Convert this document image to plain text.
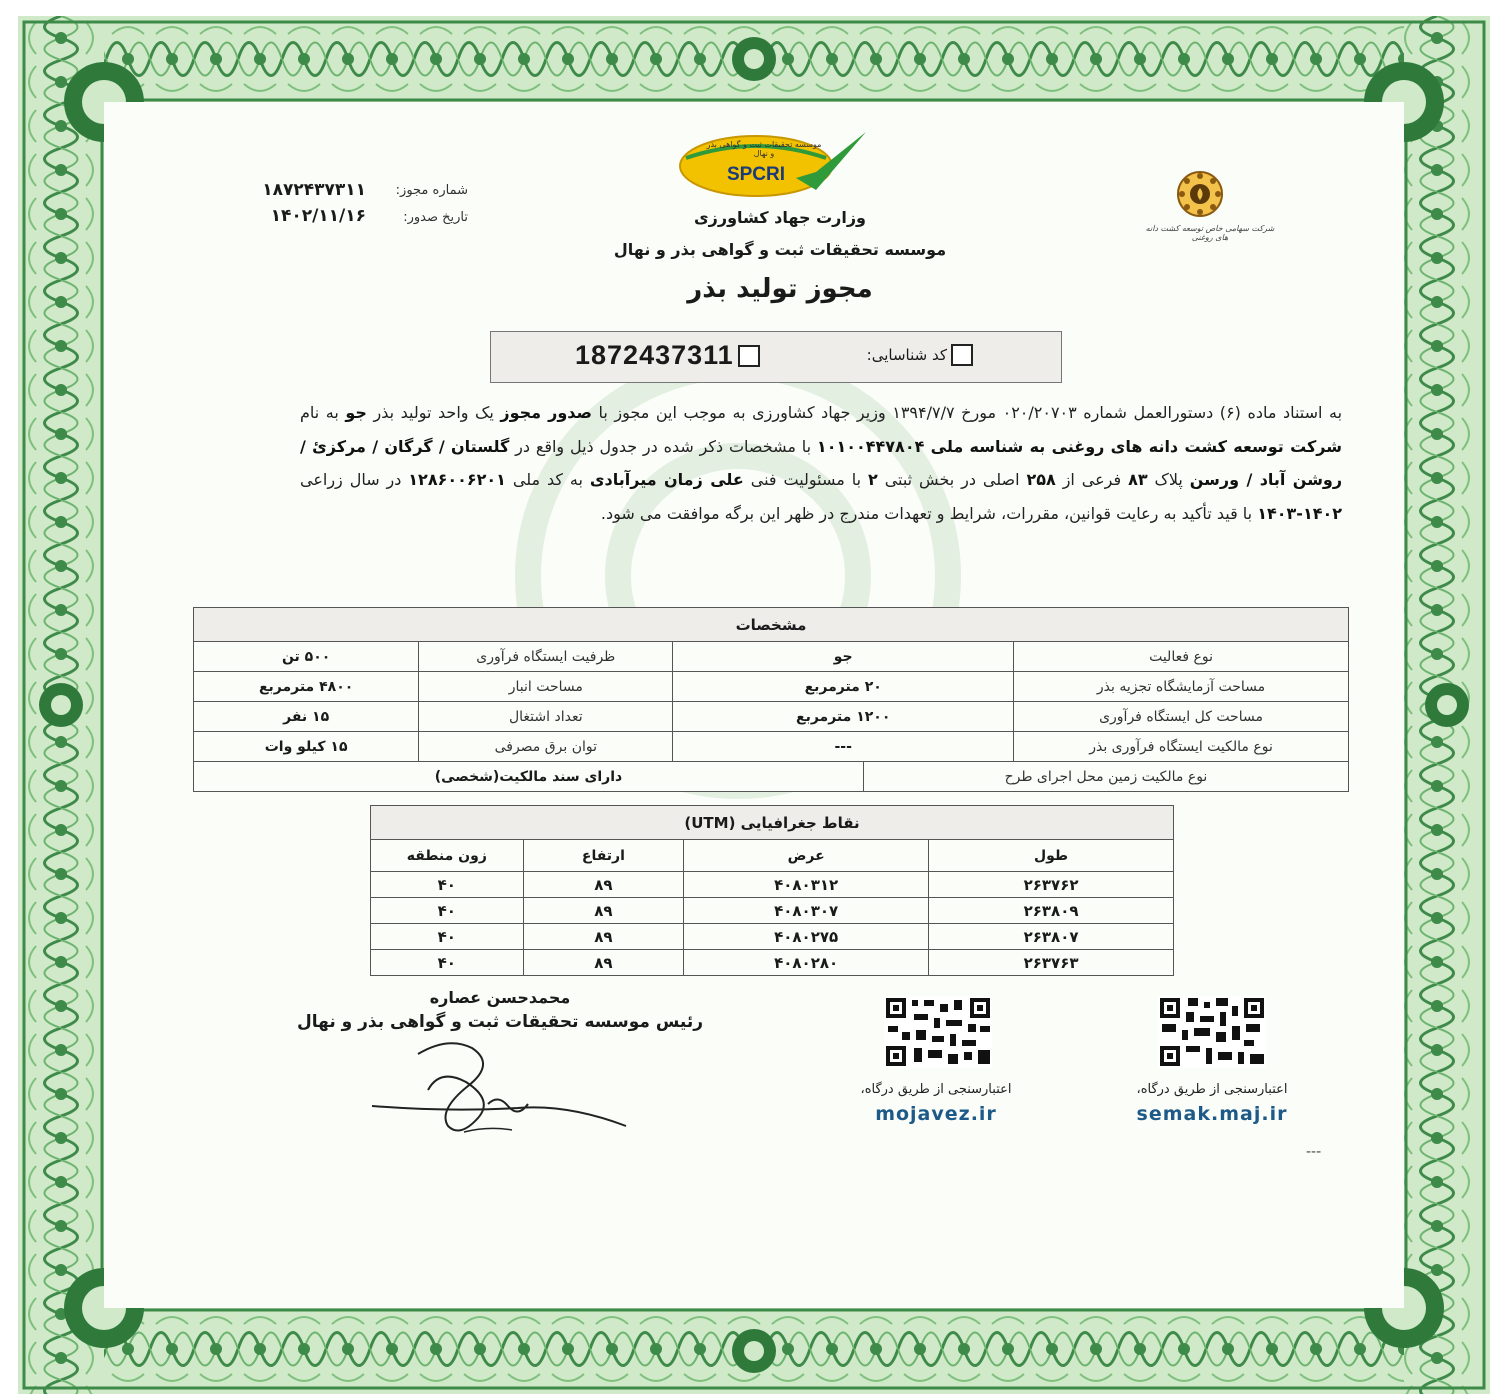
شماره مجوز:
۱۸۷۲۴۳۷۳۱۱
تاریخ صدور:
۱۴۰۲/۱۱/۱۶
موسسه تحقیقات ثبت و گواهی بذر و نهال
SPCRI
شرکت سهامی خاص توسعه کشت دانه های روغنی
وزارت جهاد کشاورزی
موسسه تحقیقات ثبت و گواهی بذر و نهال
مجوز تولید بذر
کد شناسایی:
1872437311
به استناد ماده (۶) دستورالعمل شماره ۰۲۰/۲۰۷۰۳ مورخ ۱۳۹۴/۷/۷ وزیر جهاد کشاورزی به موجب این مجوز با صدور مجوز یک واحد تولید بذر جو به نام شرکت توسعه کشت دانه های روغنی به شناسه ملی ۱۰۱۰۰۴۴۷۸۰۴ با مشخصات ذکر شده در جدول ذیل واقع در گلستان / گرگان / مرکزئ / روشن آباد / ورسن پلاک ۸۳ فرعی از ۲۵۸ اصلی در بخش ثبتی ۲ با مسئولیت فنی علی زمان میرآبادی به کد ملی ۱۲۸۶۰۰۶۲۰۱ در سال زراعی ۱۴۰۲-۱۴۰۳ با قید تأکید به رعایت قوانین، مقررات، شرایط و تعهدات مندرج در ظهر این برگه موافقت می شود.
مشخصات			
نوع فعالیت	جو	ظرفیت ایستگاه فرآوری	۵۰۰ تن
مساحت آزمایشگاه تجزیه بذر	۲۰ مترمربع	مساحت انبار	۴۸۰۰ مترمربع
مساحت کل ایستگاه فرآوری	۱۲۰۰ مترمربع	تعداد اشتغال	۱۵ نفر
نوع مالکیت ایستگاه فرآوری بذر	---	توان برق مصرفی	۱۵ کیلو وات
نوع مالکیت زمین محل اجرای طرح	دارای سند مالکیت(شخصی)
نقاط جغرافیایی (UTM)			
طول	عرض	ارتفاع	زون منطقه
۲۶۳۷۶۲	۴۰۸۰۳۱۲	۸۹	۴۰
۲۶۳۸۰۹	۴۰۸۰۳۰۷	۸۹	۴۰
۲۶۳۸۰۷	۴۰۸۰۲۷۵	۸۹	۴۰
۲۶۳۷۶۳	۴۰۸۰۲۸۰	۸۹	۴۰
محمدحسن عصاره
رئیس موسسه تحقیقات ثبت و گواهی بذر و نهال
اعتبارسنجی از طریق درگاه،
mojavez.ir
اعتبارسنجی از طریق درگاه،
semak.maj.ir
---
